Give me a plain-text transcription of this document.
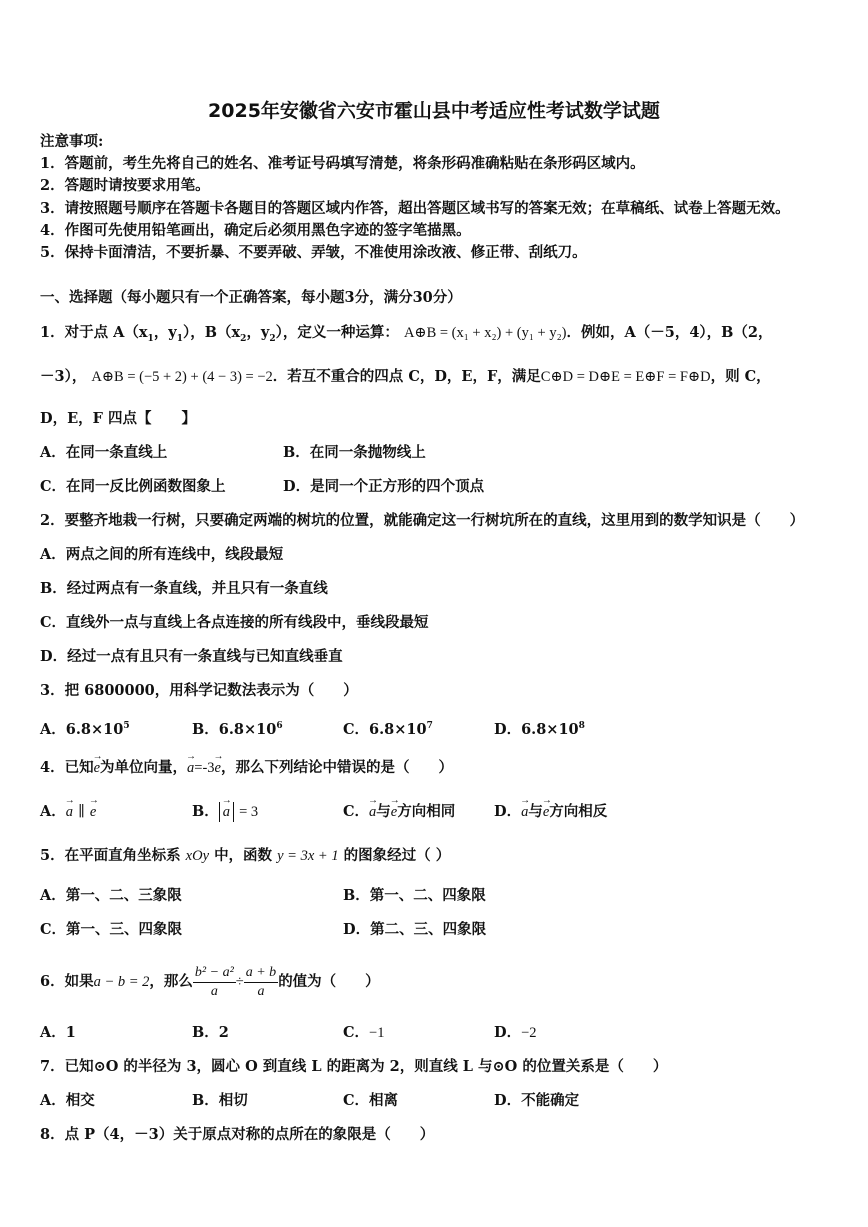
2025年安徽省六安市霍山县中考适应性考试数学试题
注意事项:
1．答题前，考生先将自己的姓名、准考证号码填写清楚，将条形码准确粘贴在条形码区域内。
2．答题时请按要求用笔。
3．请按照题号顺序在答题卡各题目的答题区域内作答，超出答题区域书写的答案无效；在草稿纸、试卷上答题无效。
4．作图可先使用铅笔画出，确定后必须用黑色字迹的签字笔描黑。
5．保持卡面清洁，不要折暴、不要弄破、弄皱，不准使用涂改液、修正带、刮纸刀。
一、选择题（每小题只有一个正确答案，每小题3分，满分30分）
1．对于点 $A(x_1$，$y_1$），$B(x_2$，$y_2$），定义一种运算： A⊕B = (x₁ + x₂) + (y₁ + y₂)．例如，A（－5，4），B（2，
－3）， A⊕B = (−5 + 2) + (4 − 3) = −2．若互不重合的四点 C，D，E，F，满足C⊕D = D⊕E = E⊕F = F⊕D，则 C，
D，E，F 四点【 】
A．在同一条直线上	B．在同一条抛物线上
C．在同一反比例函数图象上	D．是同一个正方形的四个顶点
2．要整齐地栽一行树，只要确定两端的树坑的位置，就能确定这一行树坑所在的直线，这里用到的数学知识是（　　）
A．两点之间的所有连线中，线段最短
B．经过两点有一条直线，并且只有一条直线
C．直线外一点与直线上各点连接的所有线段中，垂线段最短
D．经过一点有且只有一条直线与已知直线垂直
3．把 6800000，用科学记数法表示为（　　）
A．$6.8\times 10^5$	B．$6.8\times 10^6$	C．$6.8\times 10^7$	D．$6.8\times 10^8$
4．已知→ e为单位向量，→ a=-3→ e，那么下列结论中错误的是（　　）
A．→ a ∥ → e	B． → a = 3	C．→ a与→ e方向相同	D．→ a与→ e方向相反
5．在平面直角坐标系 xOy 中，函数 y = 3x + 1 的图象经过（ ）
A．第一、二、三象限	B．第一、二、四象限
C．第一、三、四象限	D．第二、三、四象限
6．如果a − b = 2，那么 $\frac{\text{b² − a²}}{a} \div \frac{a + b}{a}$ 的值为（　　）
A．1	B．2	C．−1	D．−2
7．已知⊙O 的半径为 3，圆心 O 到直线 L 的距离为 2，则直线 L 与⊙O 的位置关系是（　　）
A．相交	B．相切	C．相离	D．不能确定
8．点 P（4，－3）关于原点对称的点所在的象限是（　　）
